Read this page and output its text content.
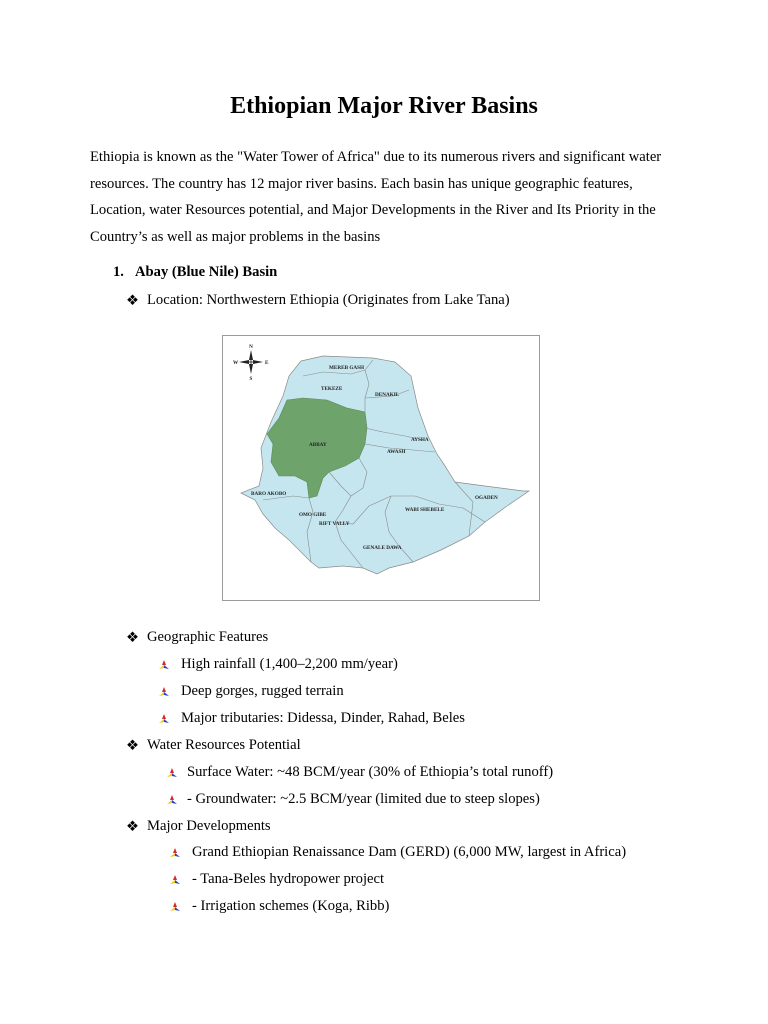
Ethiopian Major River Basins

Ethiopia is known as the "Water Tower of Africa" due to its numerous rivers and significant water resources. The country has 12 major river basins. Each basin has unique geographic features, Location, water Resources potential, and Major Developments in the River and Its Priority in the Country’s as well as major problems in the basins

1. Abay (Blue Nile) Basin
❖ Location: Northwestern Ethiopia (Originates from Lake Tana)
N
S
E
W
MEREB GASH
TEKEZE
DENAKIL
ABBAY
AYSHA
AWASH
OGADEN
BARO AKOBO
WABI SHEBELE
OMO GIBE
RIFT VALLY
GENALE DAWA
❖ Geographic Features
High rainfall (1,400–2,200 mm/year)
Deep gorges, rugged terrain
Major tributaries: Didessa, Dinder, Rahad, Beles
❖ Water Resources Potential
Surface Water: ~48 BCM/year (30% of Ethiopia’s total runoff)
- Groundwater: ~2.5 BCM/year (limited due to steep slopes)
❖ Major Developments
Grand Ethiopian Renaissance Dam (GERD) (6,000 MW, largest in Africa)
- Tana-Beles hydropower project
- Irrigation schemes (Koga, Ribb)
